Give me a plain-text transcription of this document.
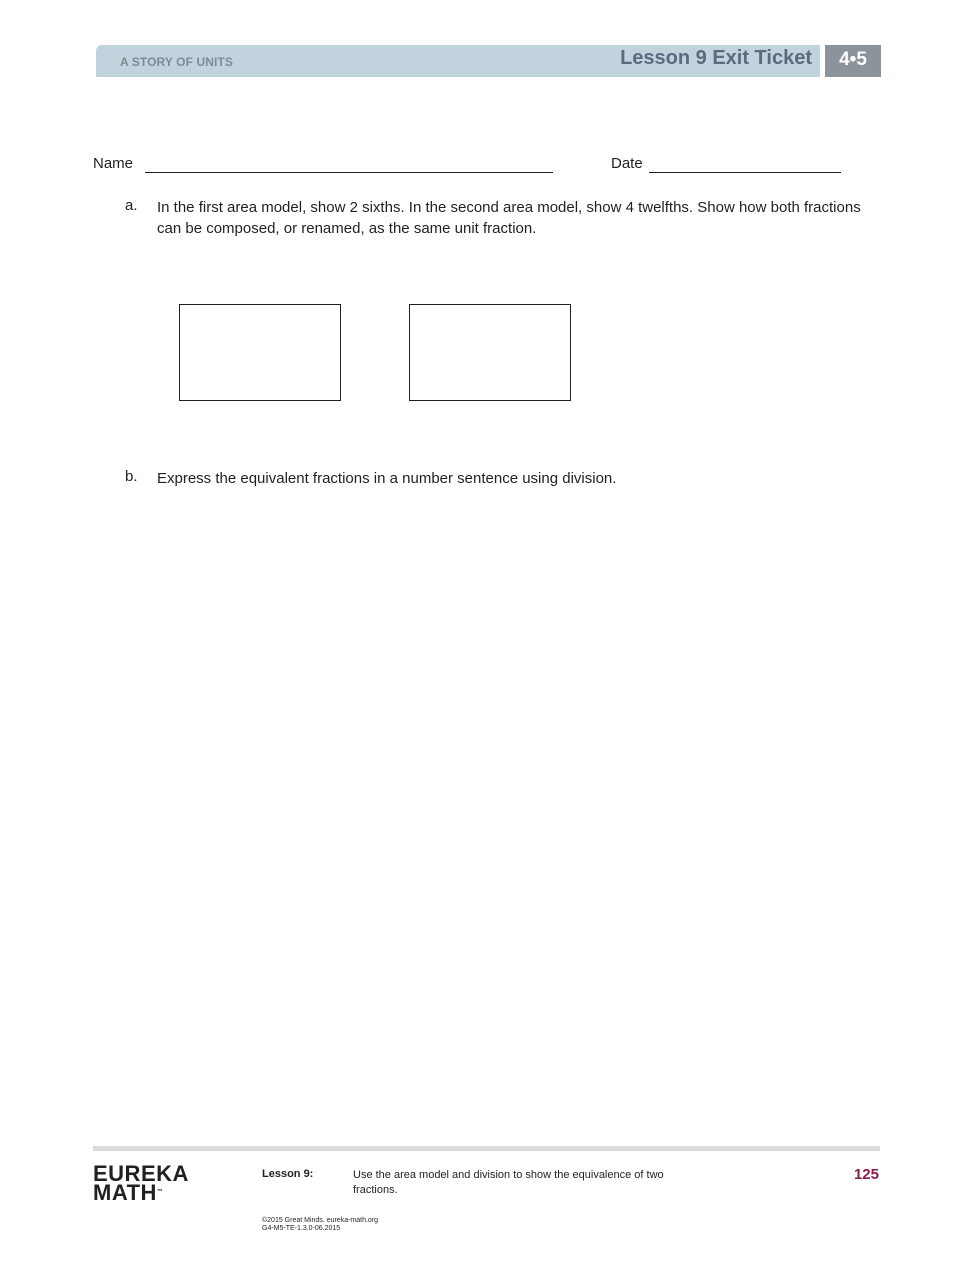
A STORY OF UNITS	Lesson 9 Exit Ticket	4•5
Name	Date
a. In the first area model, show 2 sixths. In the second area model, show 4 twelfths. Show how both fractions can be composed, or renamed, as the same unit fraction.
b. Express the equivalent fractions in a number sentence using division.
EUREKA
MATH™
Lesson 9:	Use the area model and division to show the equivalence of two fractions.
125
©2015 Great Minds. eureka-math.org
G4-M5-TE-1.3.0-06.2015
